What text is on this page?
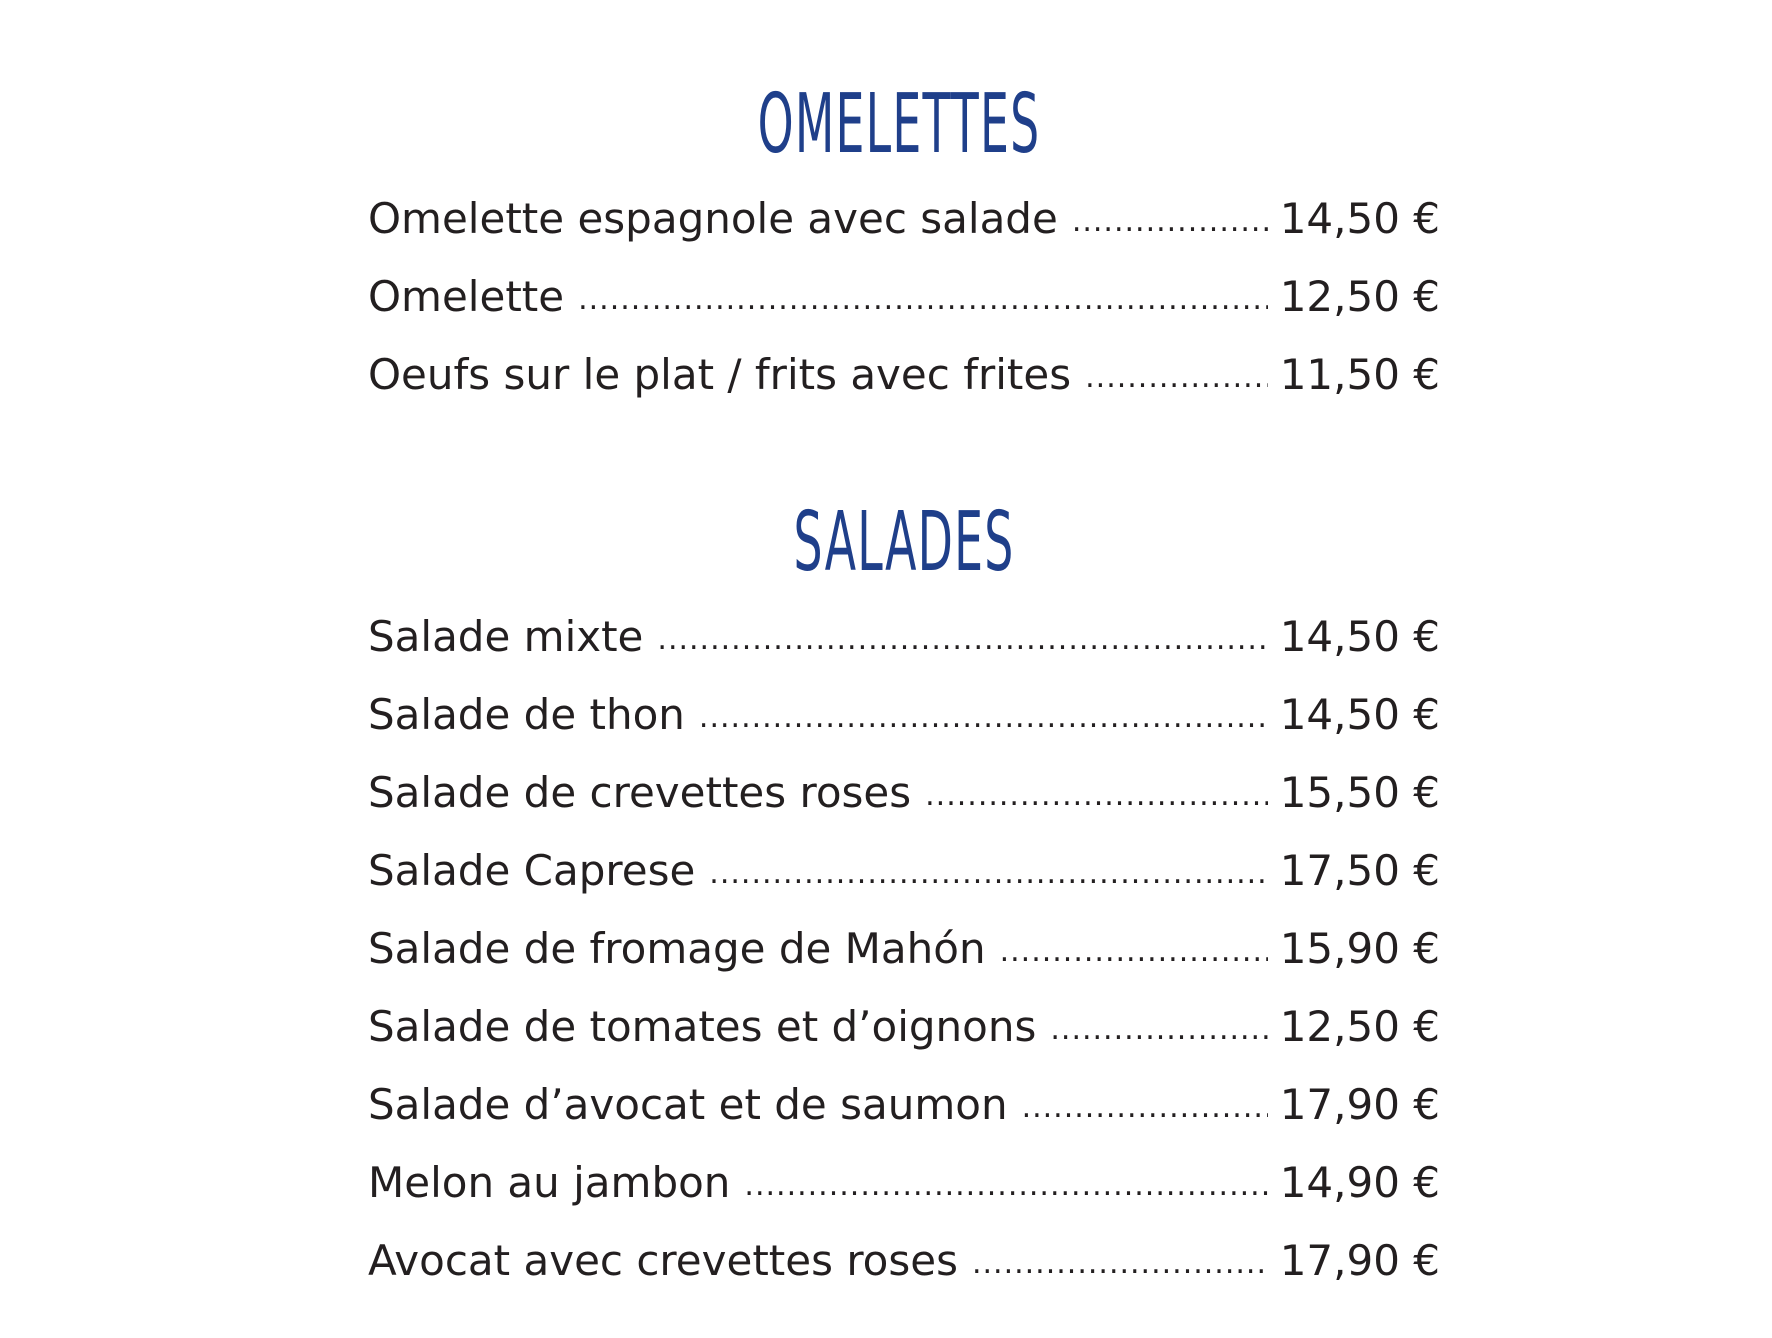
OMELETTES
Omelette espagnole avec salade .....	14,50 €
Omelette .....	12,50 €
Oeufs sur le plat / frits avec frites .....	11,50 €
SALADES
Salade mixte .....	14,50 €
Salade de thon .....	14,50 €
Salade de crevettes roses .....	15,50 €
Salade Caprese .....	17,50 €
Salade de fromage de Mahón .....	15,90 €
Salade de tomates et d’oignons .....	12,50 €
Salade d’avocat et de saumon .....	17,90 €
Melon au jambon .....	14,90 €
Avocat avec crevettes roses .....	17,90 €
